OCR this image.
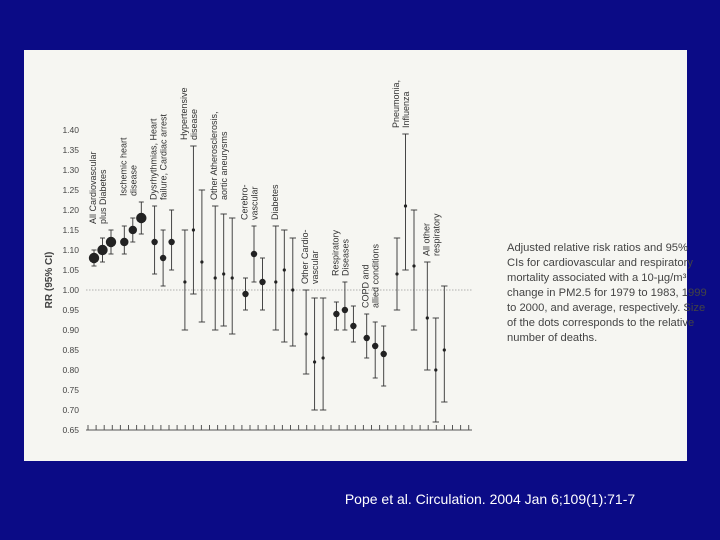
RR (95% CI)
1.40
1.35
1.30
1.25
1.20
1.15
1.10
1.05
1.00
0.95
0.90
0.85
0.80
0.75
0.70
0.65
All Cardiovascularplus Diabetes
Ischemic heartdisease Dysrhythmias, Heartfailure, Cardiac arrest
Hypertensivedisease Other Atherosclerosis,aortic aneurysms
Cerebro-vascular Diabetes
Other Cardio-vascular RespiratoryDiseases
COPD andallied conditions
Pneumonia,Influenza
All otherrespiratory	Adjusted relative risk ratios and 95% CIs for cardiovascular and respiratory mortality associated with a 10-µg/m³ change in PM2.5 for 1979 to 1983, 1999 to 2000, and average, respectively. Size of the dots corresponds to the relative number of deaths.
Pope et al. Circulation. 2004 Jan 6;109(1):71-7
